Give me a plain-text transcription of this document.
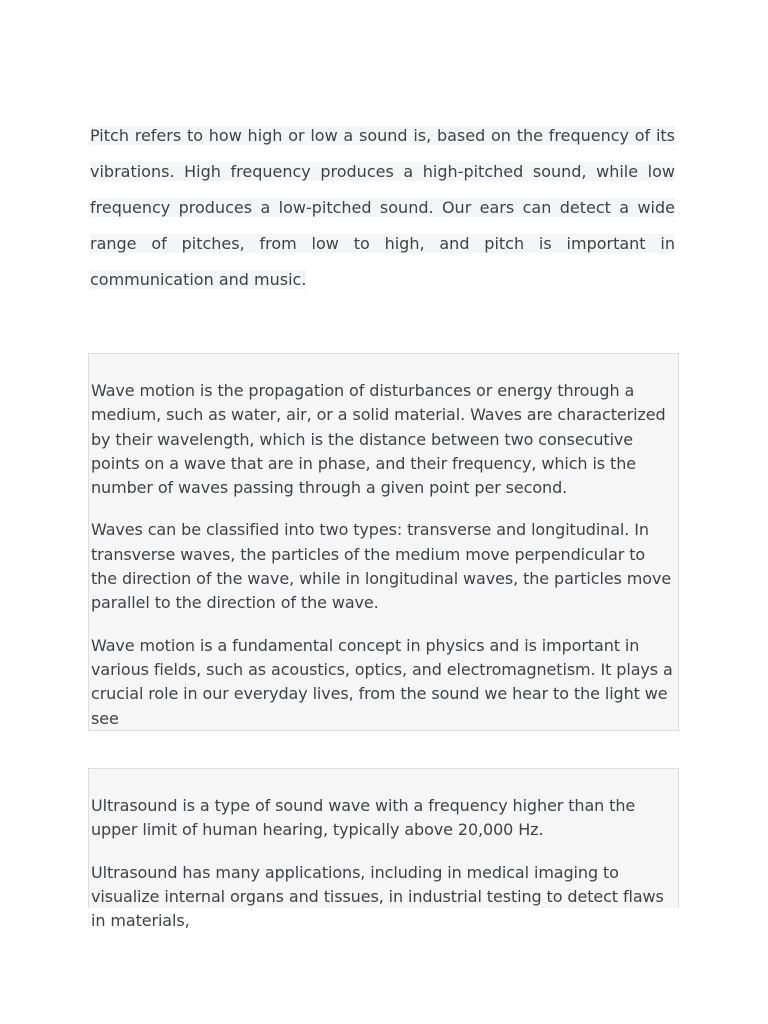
Pitch refers to how high or low a sound is, based on the frequency of its vibrations. High frequency produces a high-pitched sound, while low frequency produces a low-pitched sound. Our ears can detect a wide range of pitches, from low to high, and pitch is important in communication and music.

Wave motion is the propagation of disturbances or energy through a medium, such as water, air, or a solid material. Waves are characterized by their wavelength, which is the distance between two consecutive points on a wave that are in phase, and their frequency, which is the number of waves passing through a given point per second.

Waves can be classified into two types: transverse and longitudinal. In transverse waves, the particles of the medium move perpendicular to the direction of the wave, while in longitudinal waves, the particles move parallel to the direction of the wave.

Wave motion is a fundamental concept in physics and is important in various fields, such as acoustics, optics, and electromagnetism. It plays a crucial role in our everyday lives, from the sound we hear to the light we see

Ultrasound is a type of sound wave with a frequency higher than the upper limit of human hearing, typically above 20,000 Hz.

Ultrasound has many applications, including in medical imaging to visualize internal organs and tissues, in industrial testing to detect flaws in materials,
